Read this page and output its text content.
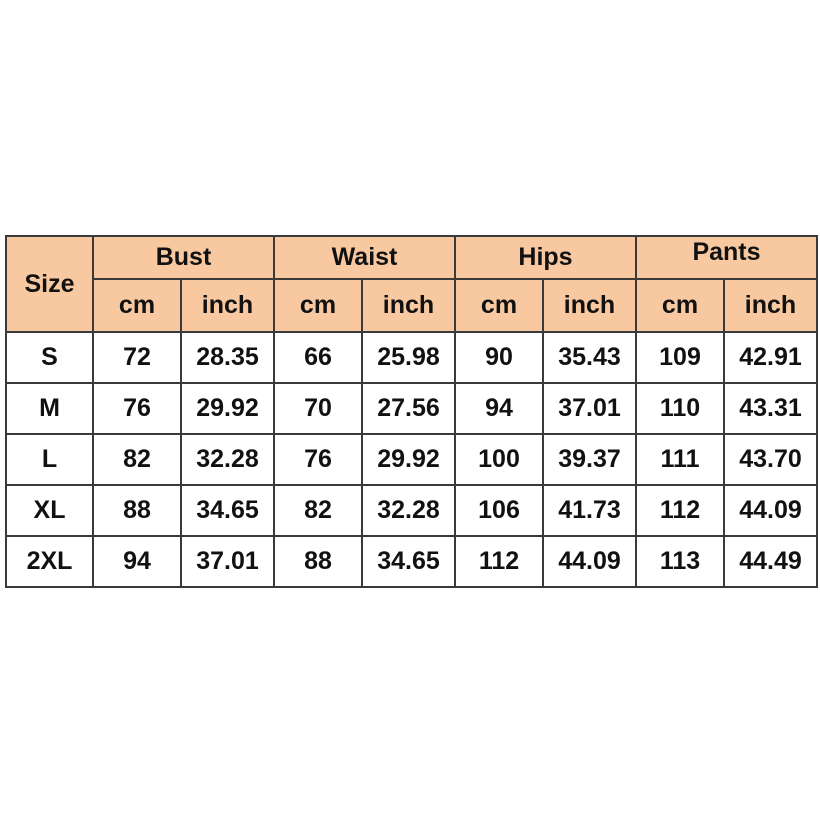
Size	Bust		Waist		Hips		Pants	
	cm	inch	cm	inch	cm	inch	cm	inch
S	72	28.35	66	25.98	90	35.43	109	42.91
M	76	29.92	70	27.56	94	37.01	110	43.31
L	82	32.28	76	29.92	100	39.37	111	43.70
XL	88	34.65	82	32.28	106	41.73	112	44.09
2XL	94	37.01	88	34.65	112	44.09	113	44.49
